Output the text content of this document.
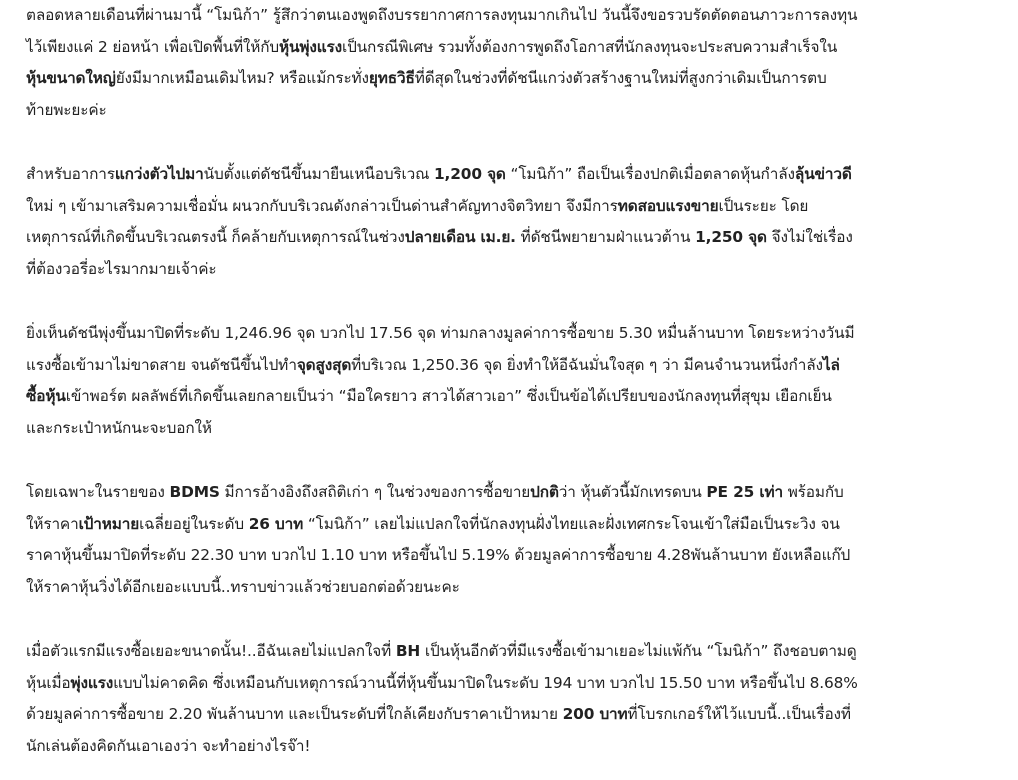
ตลอดหลายเดือนที่ผ่านมานี้ “โมนิก้า” รู้สึกว่าตนเองพูดถึงบรรยากาศการลงทุนมากเกินไป วันนี้จึงขอรวบรัดตัดตอนภาวะการลงทุน
ไว้เพียงแค่ 2 ย่อหน้า เพื่อเปิดพื้นที่ให้กับหุ้นพุ่งแรงเป็นกรณีพิเศษ รวมทั้งต้องการพูดถึงโอกาสที่นักลงทุนจะประสบความสำเร็จใน
หุ้นขนาดใหญ่ยังมีมากเหมือนเดิมไหม? หรือแม้กระทั่งยุทธวิธีที่ดีสุดในช่วงที่ดัชนีแกว่งตัวสร้างฐานใหม่ที่สูงกว่าเดิมเป็นการตบ
ท้ายพะยะค่ะ

สำหรับอาการแกว่งตัวไปมานับตั้งแต่ดัชนีขึ้นมายืนเหนือบริเวณ 1,200 จุด “โมนิก้า” ถือเป็นเรื่องปกติเมื่อตลาดหุ้นกำลังลุ้นข่าวดี
ใหม่ ๆ เข้ามาเสริมความเชื่อมั่น ผนวกกับบริเวณดังกล่าวเป็นด่านสำคัญทางจิตวิทยา จึงมีการทดสอบแรงขายเป็นระยะ โดย
เหตุการณ์ที่เกิดขึ้นบริเวณตรงนี้ ก็คล้ายกับเหตุการณ์ในช่วงปลายเดือน เม.ย. ที่ดัชนีพยายามฝ่าแนวต้าน 1,250 จุด จึงไม่ใช่เรื่อง
ที่ต้องวอรี่อะไรมากมายเจ้าค่ะ

ยิ่งเห็นดัชนีพุ่งขึ้นมาปิดที่ระดับ 1,246.96 จุด บวกไป 17.56 จุด ท่ามกลางมูลค่าการซื้อขาย 5.30 หมื่นล้านบาท โดยระหว่างวันมี
แรงซื้อเข้ามาไม่ขาดสาย จนดัชนีขึ้นไปทำจุดสูงสุดที่บริเวณ 1,250.36 จุด ยิ่งทำให้อีฉันมั่นใจสุด ๆ ว่า มีคนจำนวนหนึ่งกำลังไล่
ซื้อหุ้นเข้าพอร์ต ผลลัพธ์ที่เกิดขึ้นเลยกลายเป็นว่า “มือใครยาว สาวได้สาวเอา” ซึ่งเป็นข้อได้เปรียบของนักลงทุนที่สุขุม เยือกเย็น
และกระเป๋าหนักนะจะบอกให้

โดยเฉพาะในรายของ BDMS มีการอ้างอิงถึงสถิติเก่า ๆ ในช่วงของการซื้อขายปกติว่า หุ้นตัวนี้มักเทรดบน PE 25 เท่า พร้อมกับ
ให้ราคาเป้าหมายเฉลี่ยอยู่ในระดับ 26 บาท “โมนิก้า” เลยไม่แปลกใจที่นักลงทุนฝั่งไทยและฝั่งเทศกระโจนเข้าใส่มือเป็นระวิง จน
ราคาหุ้นขึ้นมาปิดที่ระดับ 22.30 บาท บวกไป 1.10 บาท หรือขึ้นไป 5.19% ด้วยมูลค่าการซื้อขาย 4.28พันล้านบาท ยังเหลือแก๊ป
ให้ราคาหุ้นวิ่งได้อีกเยอะแบบนี้..ทราบข่าวแล้วช่วยบอกต่อด้วยนะคะ

เมื่อตัวแรกมีแรงซื้อเยอะขนาดนั้น!..อีฉันเลยไม่แปลกใจที่ BH เป็นหุ้นอีกตัวที่มีแรงซื้อเข้ามาเยอะไม่แพ้กัน “โมนิก้า” ถึงชอบตามดู
หุ้นเมื่อพุ่งแรงแบบไม่คาดคิด ซึ่งเหมือนกับเหตุการณ์วานนี้ที่หุ้นขึ้นมาปิดในระดับ 194 บาท บวกไป 15.50 บาท หรือขึ้นไป 8.68%
ด้วยมูลค่าการซื้อขาย 2.20 พันล้านบาท และเป็นระดับที่ใกล้เคียงกับราคาเป้าหมาย 200 บาทที่โบรกเกอร์ให้ไว้แบบนี้..เป็นเรื่องที่
นักเล่นต้องคิดกันเอาเองว่า จะทำอย่างไรจ๊า!
